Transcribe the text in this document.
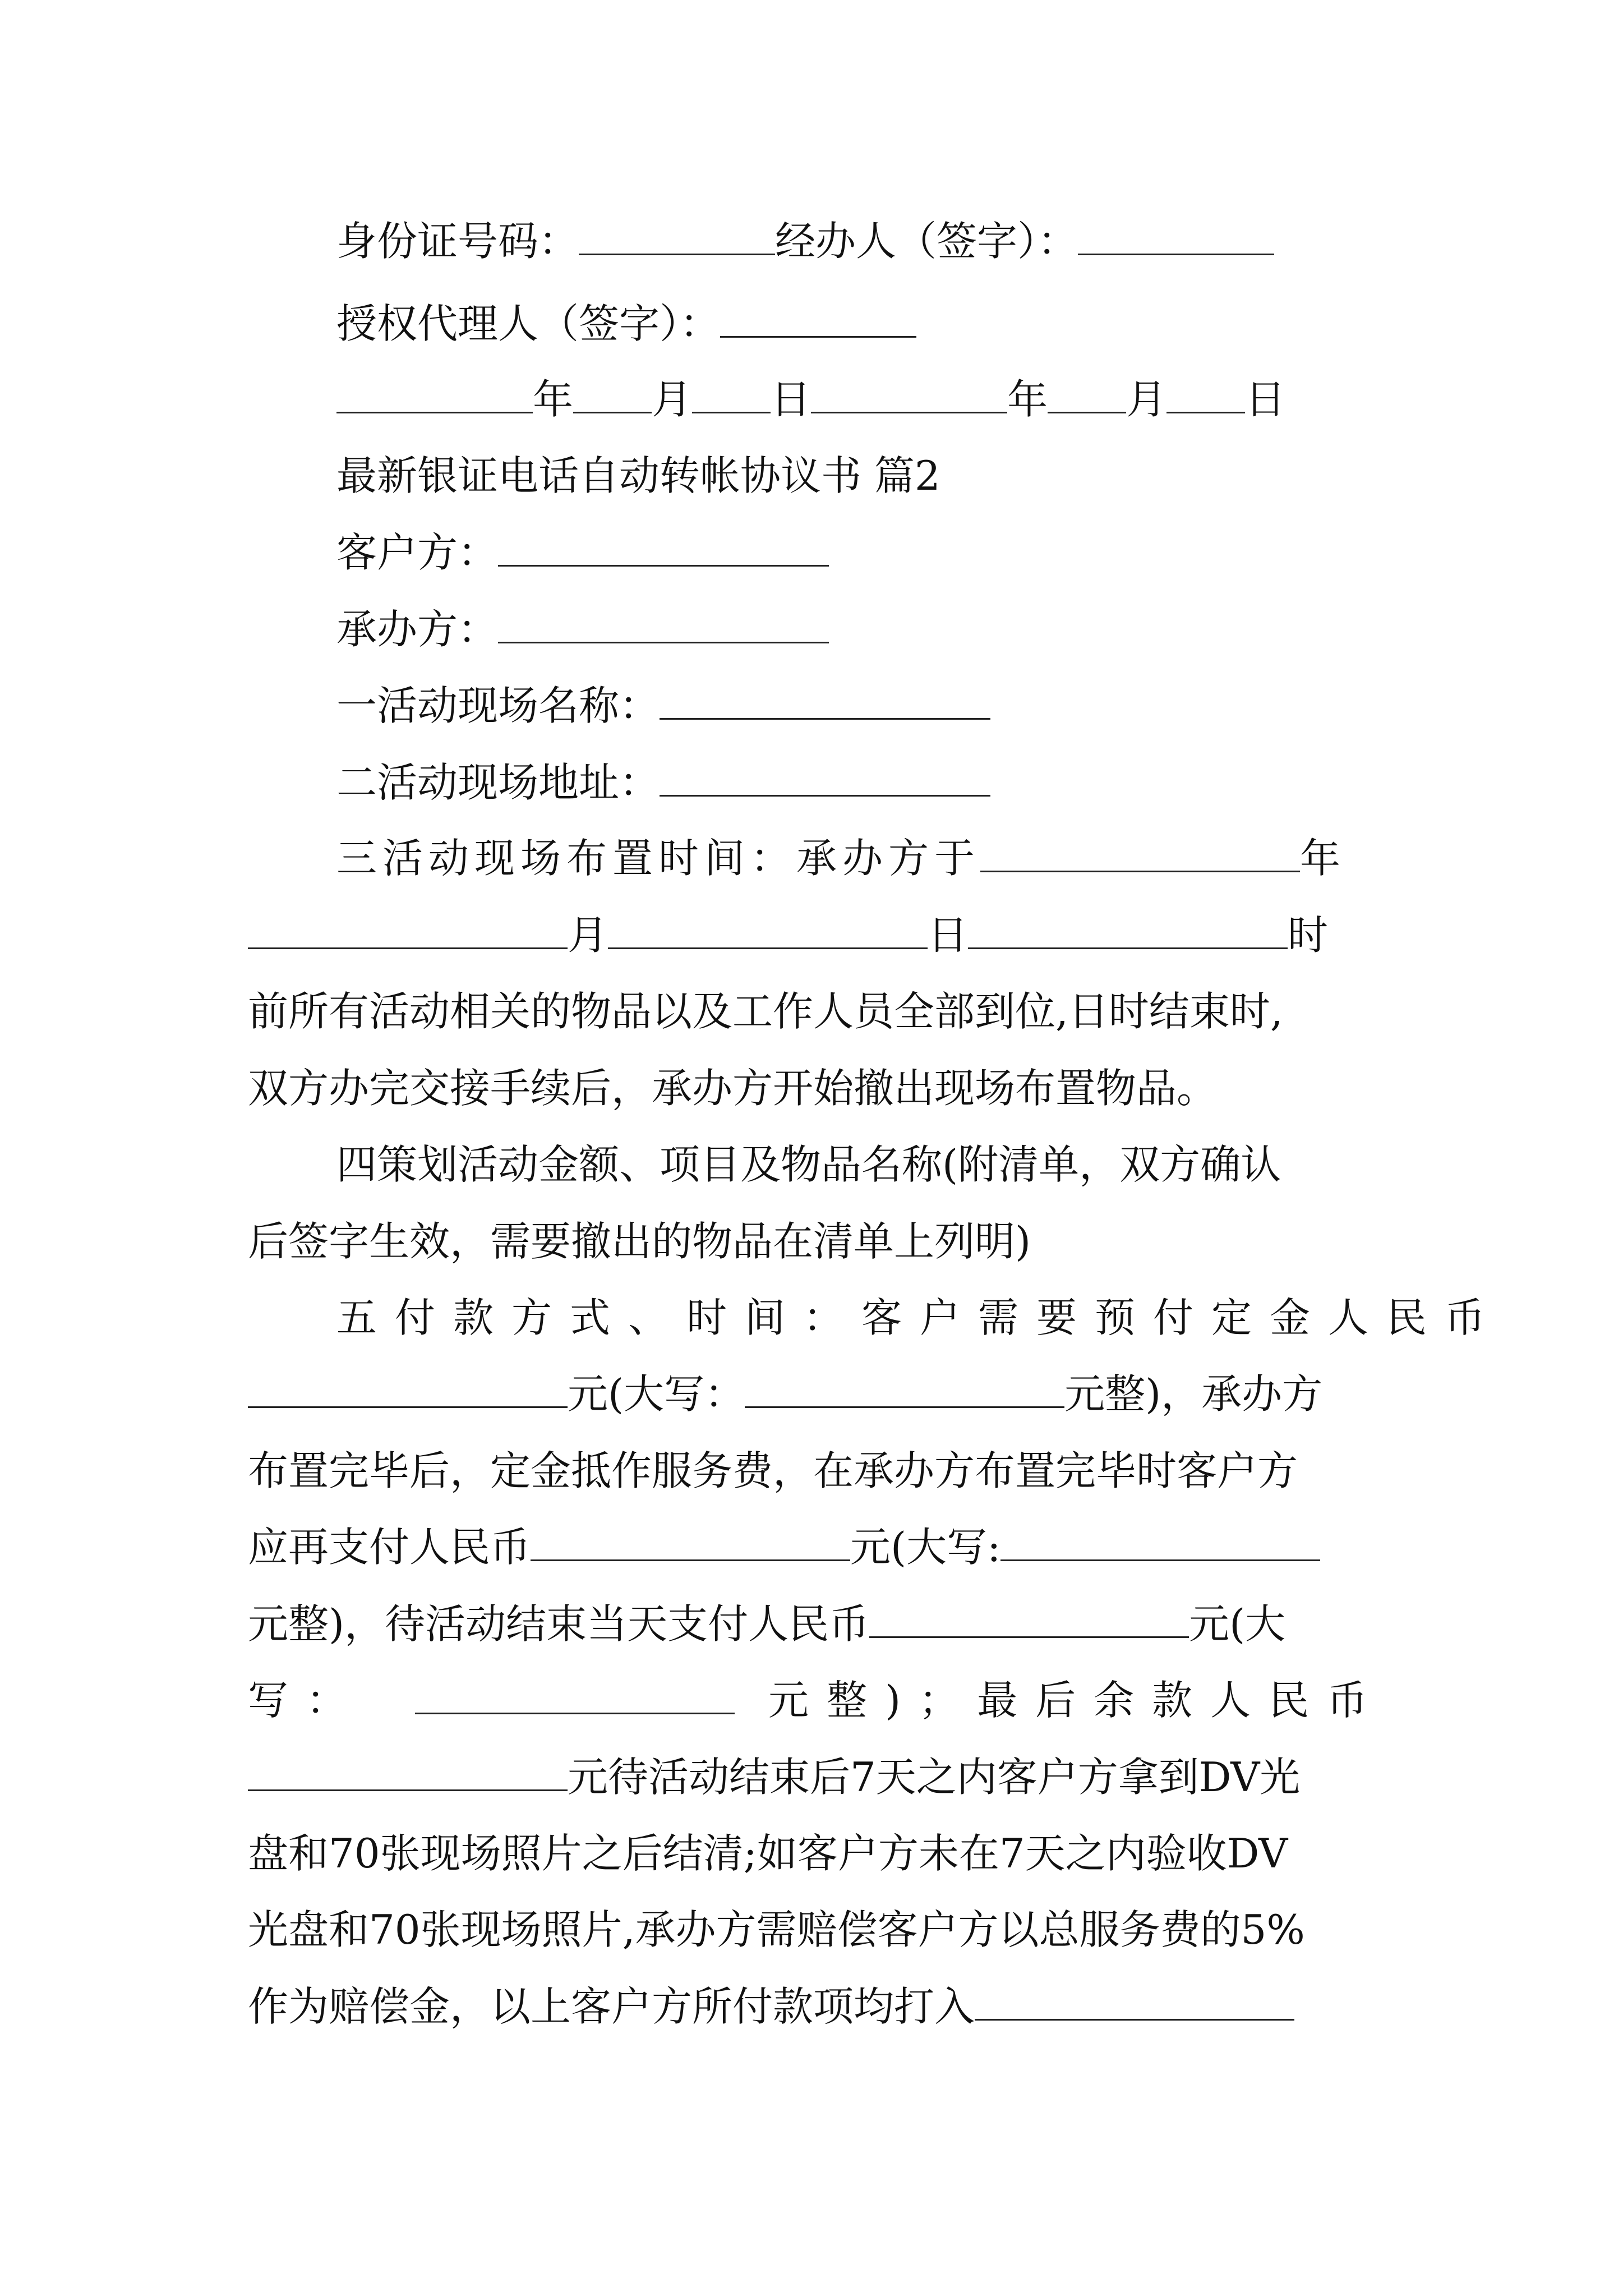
身份证号码：	经办人（签字）：
授权代理人（签字）：
年 月 日	年 月 日
最新银证电话自动转帐协议书 篇2
客户方：
承办方：
一活动现场名称：
二活动现场地址：
三活动现场布置时间：承办方于	年
月	日	时
前所有活动相关的物品以及工作人员全部到位,日时结束时,
双方办完交接手续后，承办方开始撤出现场布置物品。
四策划活动金额、项目及物品名称(附清单，双方确认
后签字生效，需要撤出的物品在清单上列明)
五付款方式、时间：客户需要预付定金人民币
元(大写：	元整)，承办方
布置完毕后，定金抵作服务费，在承办方布置完毕时客户方
应再支付人民币	元(大写:
元整)，待活动结束当天支付人民币	元(大
写：	元整)；最后余款人民币
元待活动结束后7天之内客户方拿到DV光
盘和70张现场照片之后结清;如客户方未在7天之内验收DV
光盘和70张现场照片,承办方需赔偿客户方以总服务费的5%
作为赔偿金，以上客户方所付款项均打入
